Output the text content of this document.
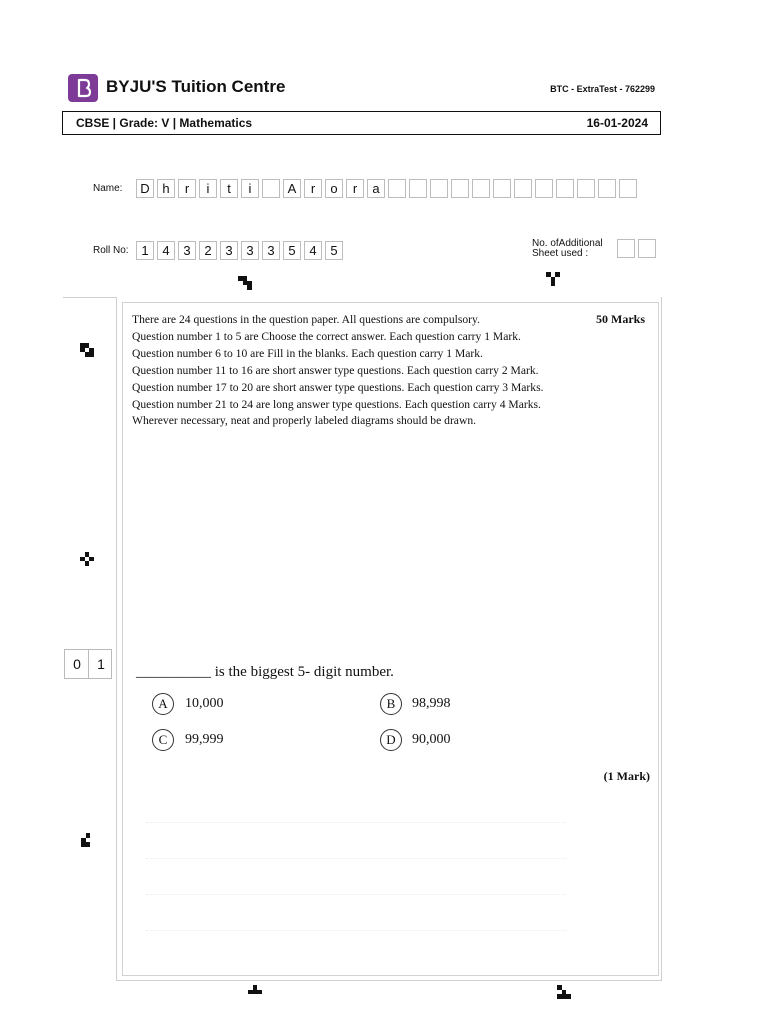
BYJU'S Tuition Centre	BTC - ExtraTest - 762299
CBSE | Grade: V | Mathematics	16-01-2024
Name:	D h	r	i	t	i	A	r	o	r	a
Roll No: 1	4	3	2	3	3	3	5	4	5	No. ofAdditional
Sheet used :
There are 24 questions in the question paper. All questions are compulsory.
Question number 1 to 5 are Choose the correct answer. Each question carry 1 Mark.
Question number 6 to 10 are Fill in the blanks. Each question carry 1 Mark.
Question number 11 to 16 are short answer type questions. Each question carry 2 Mark.
Question number 17 to 20 are short answer type questions. Each question carry 3 Marks.
Question number 21 to 24 are long answer type questions. Each question carry 4 Marks.
Wherever necessary, neat and properly labeled diagrams should be drawn.
50 Marks
0	1	__________ is the biggest 5- digit number.
A	10,000	B	98,998
C	99,999	D	90,000
(1 Mark)
